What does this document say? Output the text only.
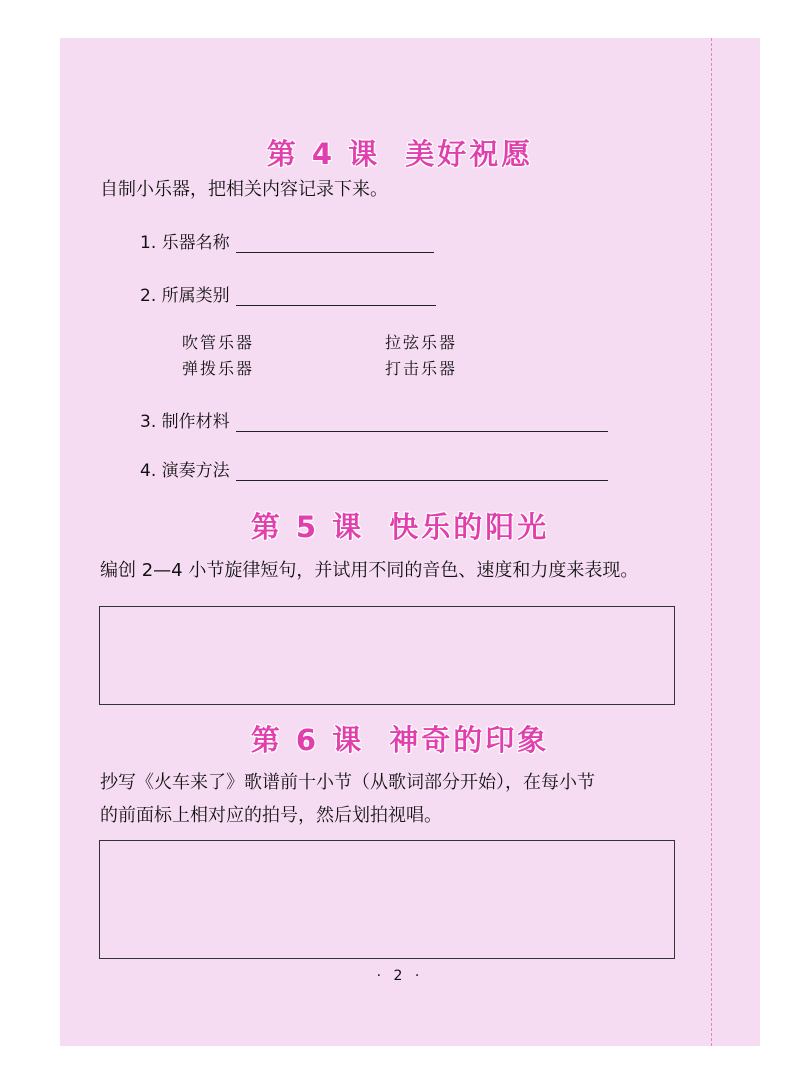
第 4 课 美好祝愿
自制小乐器，把相关内容记录下来。
1. 乐器名称
2. 所属类别
吹管乐器	拉弦乐器
弹拨乐器	打击乐器
3. 制作材料
4. 演奏方法
第 5 课 快乐的阳光
编创 2—4 小节旋律短句，并试用不同的音色、速度和力度来表现。
第 6 课 神奇的印象
抄写《火车来了》歌谱前十小节（从歌词部分开始），在每小节
的前面标上相对应的拍号，然后划拍视唱。
· 2 ·
